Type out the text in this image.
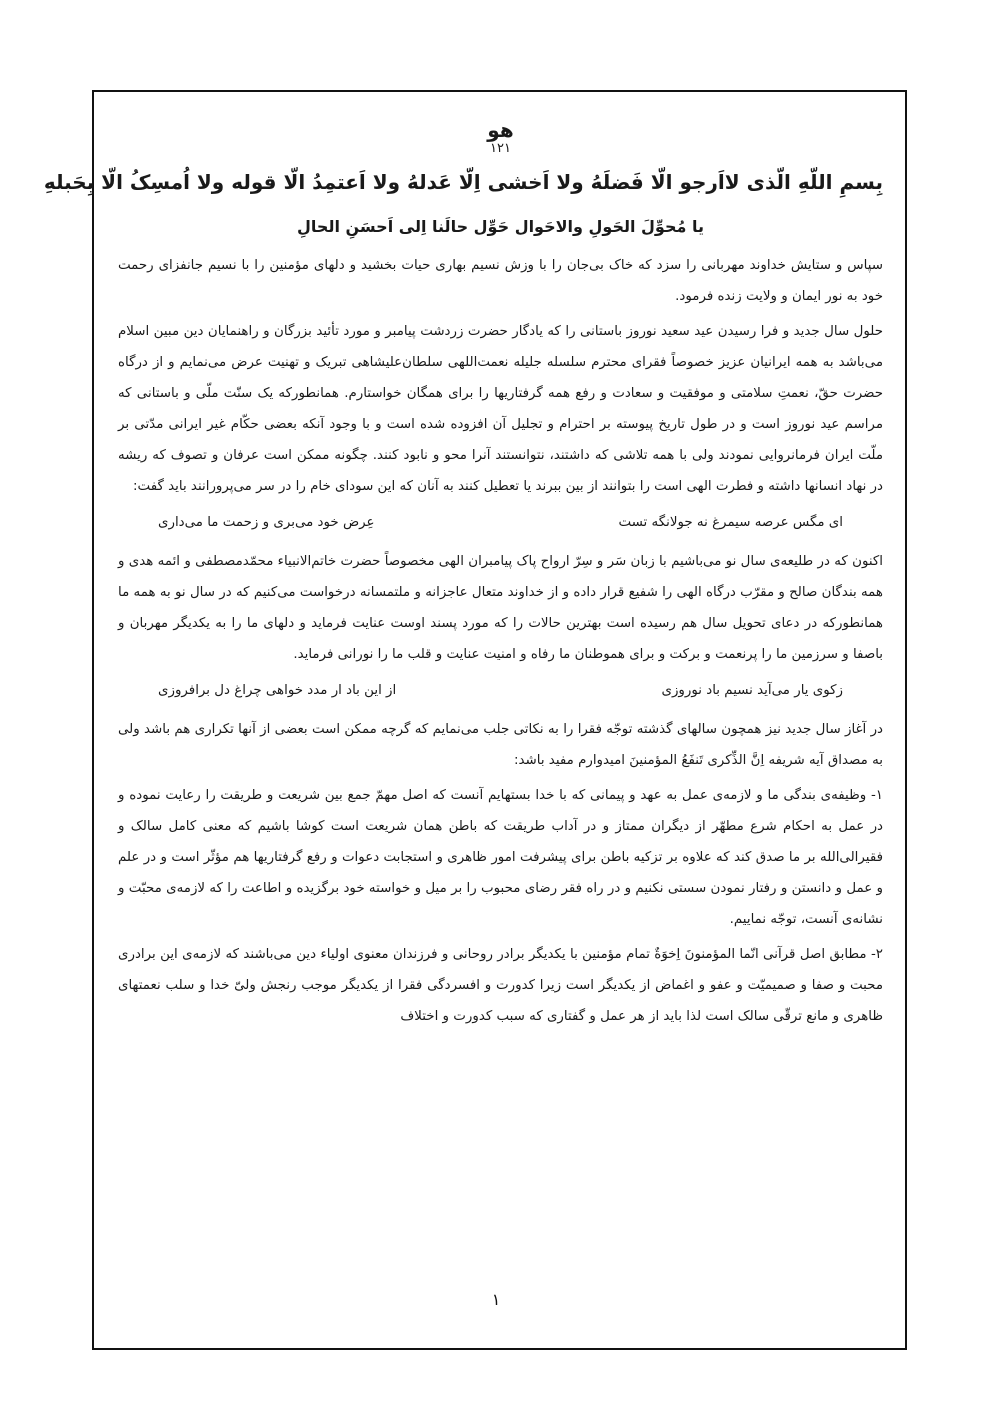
هو
۱۲۱
بِسمِ اللّهِ الّذی لااَرجو الّا فَضلَهُ ولا اَخشی اِلّا عَدلهُ ولا اَعتمِدُ الّا قوله ولا اُمسِکُ الّا بِحَبلهِ
یا مُحوِّلَ الحَولِ والاحَوال حَوِّل حالَنا اِلی اَحسَنِ الحالِ

سپاس و ستایش خداوند مهربانی را سزد که خاک بی‌جان را با وزش نسیم بهاری حیات بخشید و دلهای مؤمنین را با نسیم جانفزای رحمت خود به نور ایمان و ولایت زنده فرمود.

حلول سال جدید و فرا رسیدن عید سعید نوروز باستانی را که یادگار حضرت زردشت پیامبر و مورد تأئید بزرگان و راهنمایان دین مبین اسلام می‌باشد به همه ایرانیان عزیز خصوصاً فقرای محترم سلسله جلیله نعمت‌اللهی سلطان‌علیشاهی تبریک و تهنیت عرض می‌نمایم و از درگاه حضرت حقّ، نعمتِ سلامتی و موفقیت و سعادت و رفع همه گرفتاریها را برای همگان خواستارم. همانطورکه یک سنّت ملّی و باستانی که مراسم عید نوروز است و در طول تاریخ پیوسته بر احترام و تجلیل آن افزوده شده است و با وجود آنکه بعضی حکّام غیر ایرانی مدّتی بر ملّت ایران فرمانروایی نمودند ولی با همه تلاشی که داشتند، نتوانستند آنرا محو و نابود کنند. چگونه ممکن است عرفان و تصوف که ریشه در نهاد انسانها داشته و فطرت الهی است را بتوانند از بین ببرند یا تعطیل کنند به آنان که این سودای خام را در سر می‌پرورانند باید گفت:

ای مگس عرصه سیمرغ نه جولانگه تست
عِرض خود می‌بری و زحمت ما می‌داری

اکنون که در طلیعه‌ی سال نو می‌باشیم با زبان سَر و سِرّ ارواح پاک پیامبران الهی مخصوصاً حضرت خاتم‌الانبیاء محمّدمصطفی و ائمه هدی و همه بندگان صالح و مقرّب درگاه الهی را شفیع قرار داده و از خداوند متعال عاجزانه و ملتمسانه درخواست می‌کنیم که در سال نو به همه ما همانطورکه در دعای تحویل سال هم رسیده است بهترین حالات را که مورد پسند اوست عنایت فرماید و دلهای ما را به یکدیگر مهربان و باصفا و سرزمین ما را پرنعمت و برکت و برای هموطنان ما رفاه و امنیت عنایت و قلب ما را نورانی فرماید.

زکوی یار می‌آید نسیم باد نوروزی
از این باد ار مدد خواهی چراغ دل برافروزی

در آغاز سال جدید نیز همچون سالهای گذشته توجّه فقرا را به نکاتی جلب می‌نمایم که گرچه ممکن است بعضی از آنها تکراری هم باشد ولی به مصداق آیه شریفه اِنَّ الذِّکری تَنفَعُ المؤمنینَ امیدوارم مفید باشد:

۱- وظیفه‌ی بندگی ما و لازمه‌ی عمل به عهد و پیمانی که با خدا بستهایم آنست که اصل مهمّ جمع بین شریعت و طریقت را رعایت نموده و در عمل به احکام شرع مطهّر از دیگران ممتاز و در آداب طریقت که باطن همان شریعت است کوشا باشیم که معنی کامل سالک و فقیرالی‌الله بر ما صدق کند که علاوه بر تزکیه باطن برای پیشرفت امور ظاهری و استجابت دعوات و رفع گرفتاریها هم مؤثّر است و در علم و عمل و دانستن و رفتار نمودن سستی نکنیم و در راه فقر رضای محبوب را بر میل و خواسته خود برگزیده و اطاعت را که لازمه‌ی محبّت و نشانه‌ی آنست، توجّه نماییم.

۲- مطابق اصل قرآنی انّما المؤمنونَ اِخوَةٌ تمام مؤمنین با یکدیگر برادر روحانی و فرزندان معنوی اولیاء دین می‌باشند که لازمه‌ی این برادری محبت و صفا و صمیمیّت و عفو و اغماض از یکدیگر است زیرا کدورت و افسردگی فقرا از یکدیگر موجب رنجش ولیّ خدا و سلب نعمتهای ظاهری و مانع ترقّی سالک است لذا باید از هر عمل و گفتاری که سبب کدورت و اختلاف

۱
